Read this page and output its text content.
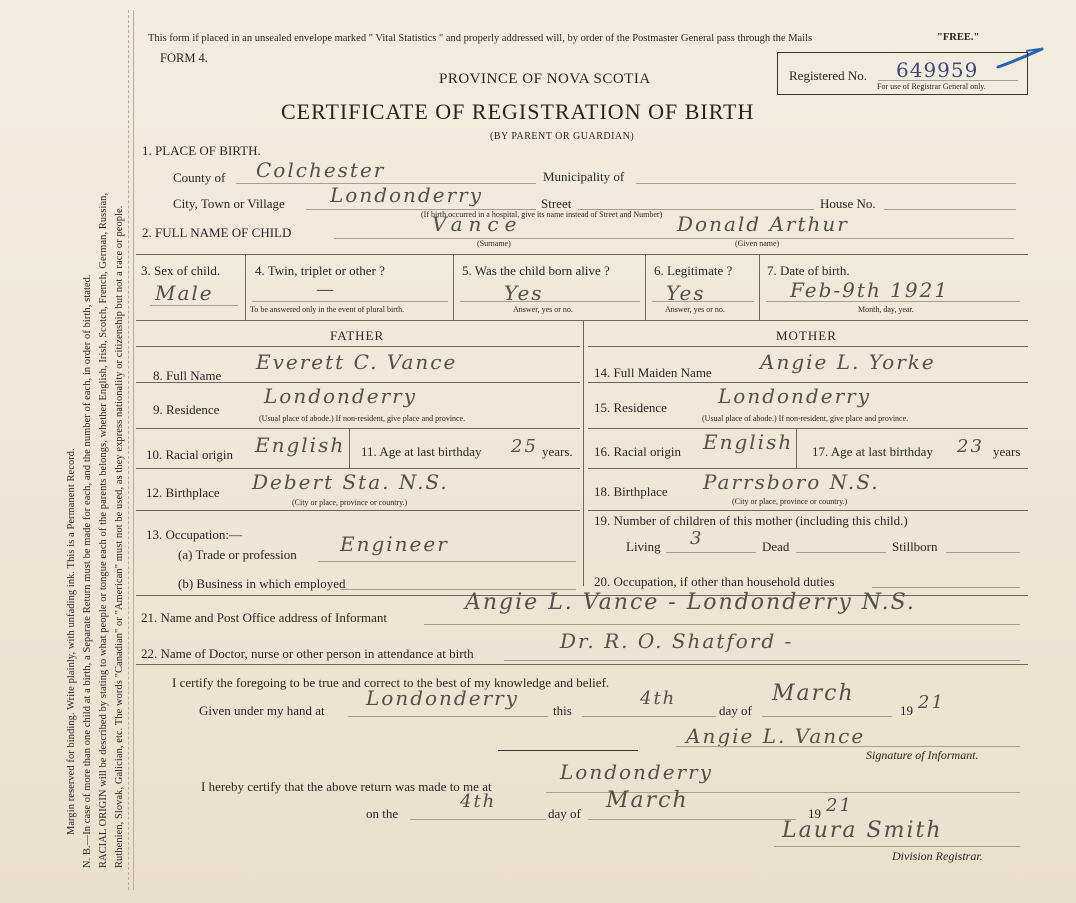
Margin reserved for binding. Write plainly, with unfading ink. This is a Permanent Record. N. B.—In case of more than one child at a birth, a Separate Return must be made for each, and the number of each, in order of birth, stated. RACIAL ORIGIN will be described by stating to what people or tongue each of the parents belongs, whether English, Irish, Scotch, French, German, Russian, Ruthenien, Slovak, Galician, etc. The words "Canadian" or "American" must not be used, as they express nationality or citizenship but not a race or people.
This form if placed in an unsealed envelope marked " Vital Statistics " and properly addressed will, by order of the Postmaster General pass through the Mails	"FREE."
FORM 4.
PROVINCE OF NOVA SCOTIA
CERTIFICATE OF REGISTRATION OF BIRTH
(BY PARENT OR GUARDIAN)
Registered No. 649959
For use of Registrar General only.
1. PLACE OF BIRTH.
County of Colchester	Municipality of
City, Town or Village Londonderry	Street	House No.
(If birth occurred in a hospital, give its name instead of Street and Number)
2. FULL NAME OF CHILD	Vance	Donald Arthur
(Surname)	(Given name)
3. Sex of child.
Male
4. Twin, triplet or other ?
—
To be answered only in the event of plural birth.
5. Was the child born alive ?
Yes
Answer, yes or no.
6. Legitimate ?
Yes
Answer, yes or no.
7. Date of birth.
Feb-9th 1921
Month, day, year.
FATHER	MOTHER
8. Full Name
Everett C. Vance
9. Residence
Londonderry
(Usual place of abode.) If non-resident, give place and province.
10. Racial origin English 11. Age at last birthday 25 years.
12. Birthplace Debert Sta. N.S.
(City or place, province or country.)
13. Occupation:—
(a) Trade or profession Engineer
(b) Business in which employed
14. Full Maiden Name Angie L. Yorke
15. Residence	Londonderry
(Usual place of abode.) If non-resident, give place and province.
16. Racial origin English 17. Age at last birthday 23 years
18. Birthplace Parrsboro N.S.
(City or place, province or country.)
19. Number of children of this mother (including this child.)
Living 3	Dead	Stillborn
20. Occupation, if other than household duties
21. Name and Post Office address of Informant
Angie L. Vance - Londonderry N.S.
22. Name of Doctor, nurse or other person in attendance at birth
Dr. R. O. Shatford -
I certify the foregoing to be true and correct to the best of my knowledge and belief.
Given under my hand at
Londonderry
this
4th
day of
March
19 21
Angie L. Vance
Signature of Informant.
I hereby certify that the above return was made to me at
Londonderry
on the
4th
day of
March
19 21
Laura Smith
Division Registrar.
